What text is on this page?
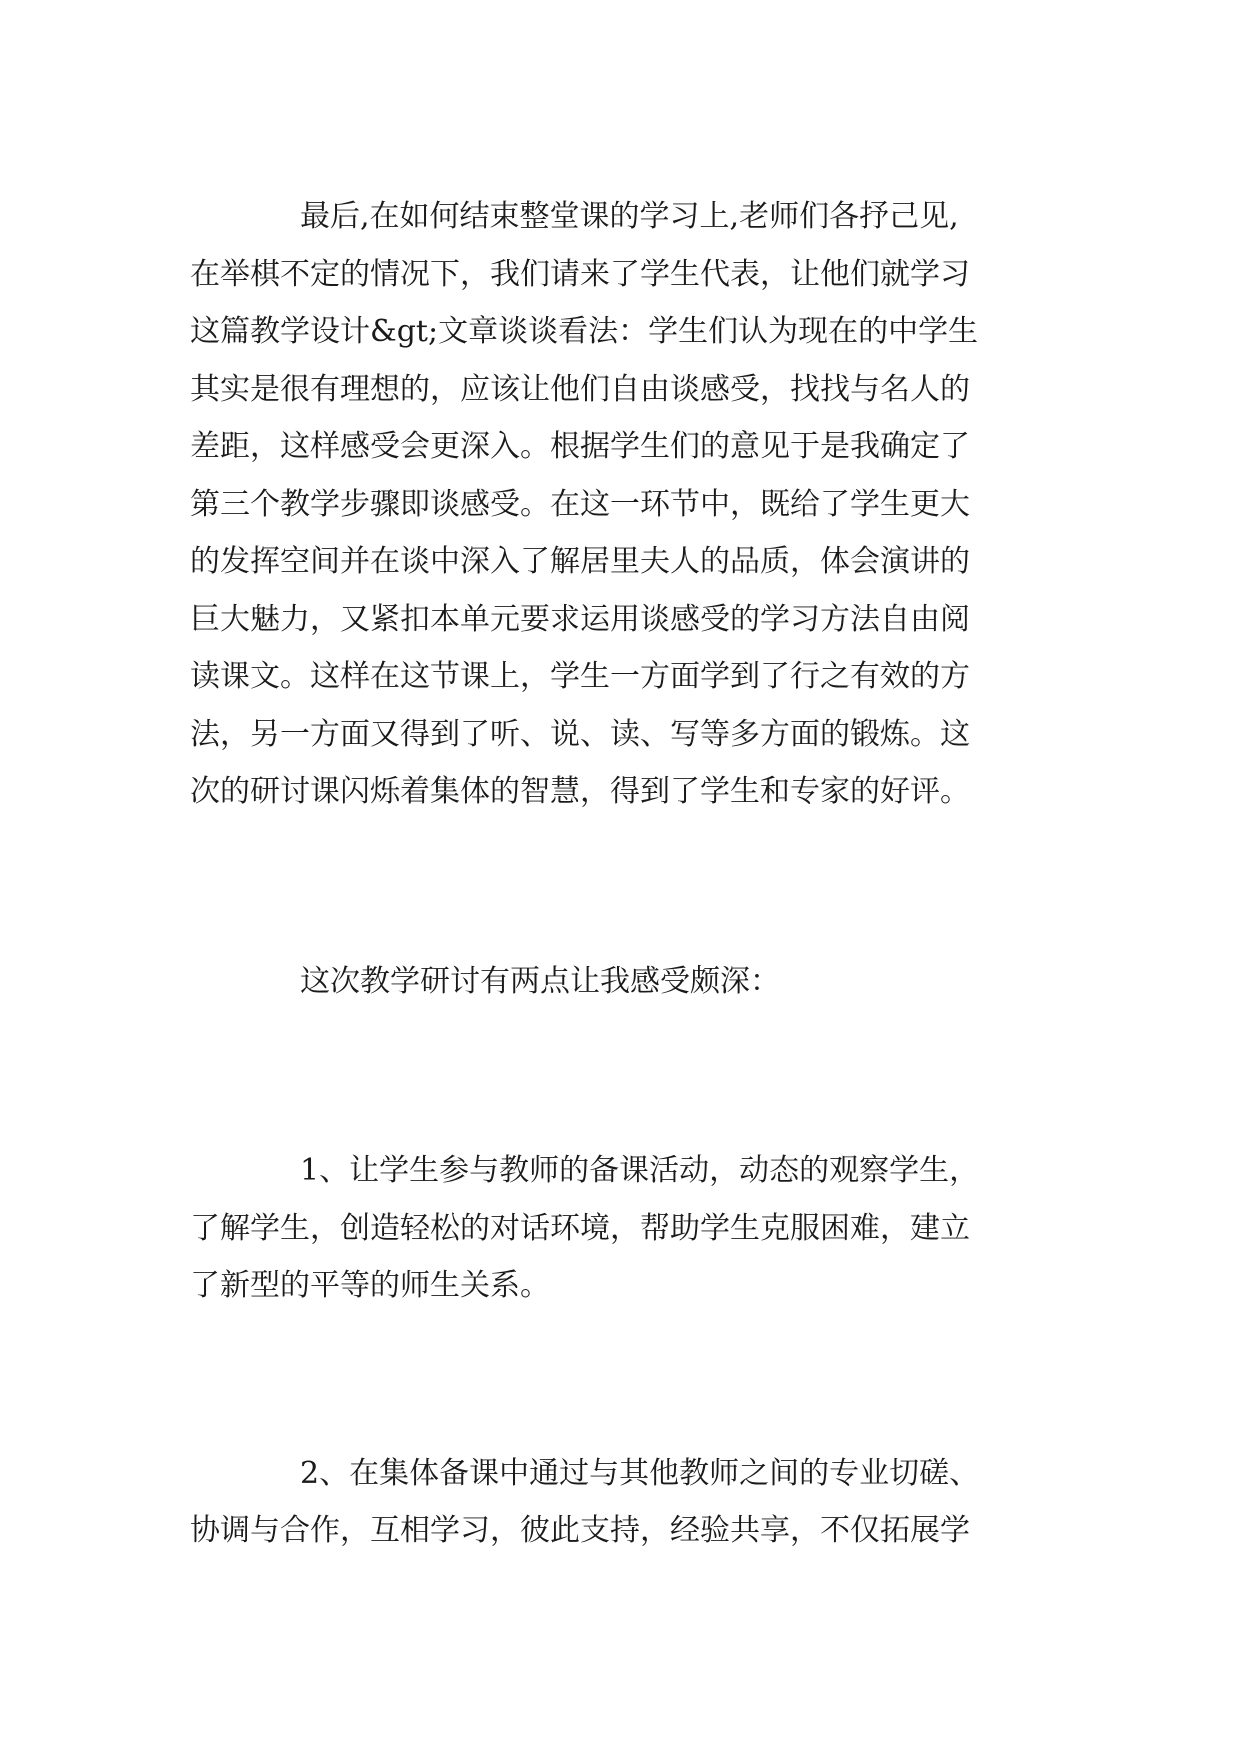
最后,在如何结束整堂课的学习上,老师们各抒己见,
在举棋不定的情况下，我们请来了学生代表，让他们就学习
这篇教学设计&gt;文章谈谈看法：学生们认为现在的中学生
其实是很有理想的，应该让他们自由谈感受，找找与名人的
差距，这样感受会更深入。根据学生们的意见于是我确定了
第三个教学步骤即谈感受。在这一环节中，既给了学生更大
的发挥空间并在谈中深入了解居里夫人的品质，体会演讲的
巨大魅力，又紧扣本单元要求运用谈感受的学习方法自由阅
读课文。这样在这节课上，学生一方面学到了行之有效的方
法，另一方面又得到了听、说、读、写等多方面的锻炼。这
次的研讨课闪烁着集体的智慧，得到了学生和专家的好评。

这次教学研讨有两点让我感受颇深：

1、让学生参与教师的备课活动，动态的观察学生，
了解学生，创造轻松的对话环境，帮助学生克服困难，建立
了新型的平等的师生关系。

2、在集体备课中通过与其他教师之间的专业切磋、
协调与合作，互相学习，彼此支持，经验共享，不仅拓展学
